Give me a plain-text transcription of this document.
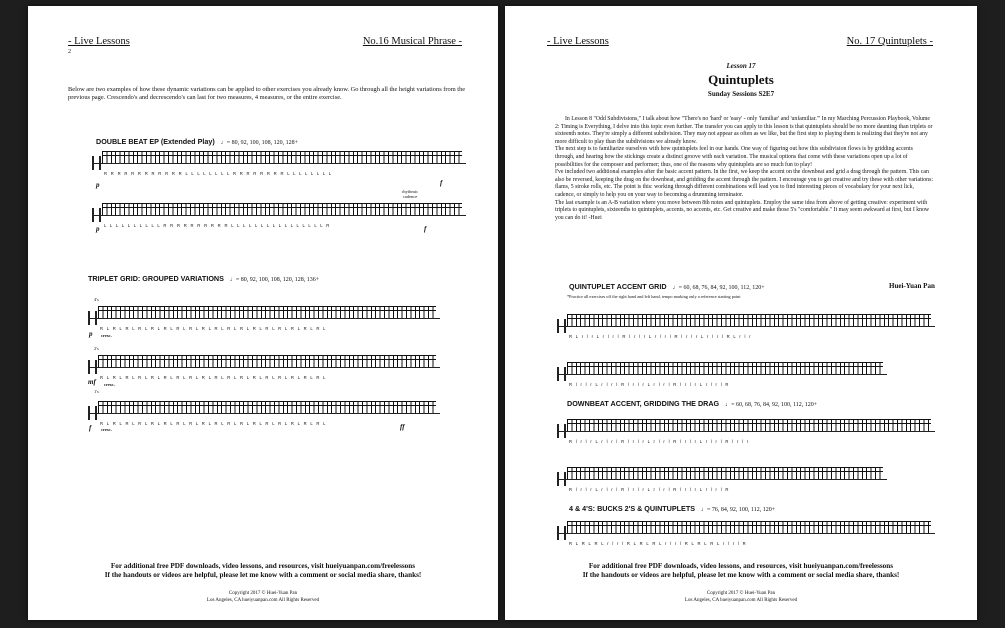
- Live Lessons	No.16 Musical Phrase -
2
Below are two examples of how these dynamic variations can be applied to other exercises you already know. Go through all the height variations from the previous page. Crescendo's and decrescendo's can last for two measures, 4 measures, or the entire exercise.
DOUBLE BEAT EP (Extended Play) ♩= 80, 92, 100, 108, 120, 128+
R R R R R R R R R R R R L L L L L L L L R R R R R R R R L L L L L L L L
p	f
rhythmic cadence
L L L L L L L L L L R R R R R R R R R R L L L L L L L L L L L L L L L L R
p	f
TRIPLET GRID: GROUPED VARIATIONS ♩= 80, 92, 100, 108, 120, 128, 136+
4's
R L R L R L R L R L R L R L R L R L R L R L R L R L R L R L R L R L R L
p cresc.
2's
R L R L R L R L R L R L R L R L R L R L R L R L R L R L R L R L R L R L
mf cresc.
1's
R L R L R L R L R L R L R L R L R L R L R L R L R L R L R L R L R L R L
f cresc.	ff
For additional free PDF downloads, video lessons, and resources, visit hueiyuanpan.com/freelessons
If the handouts or videos are helpful, please let me know with a comment or social media share, thanks!
Copyright 2017 © Huei-Yuan Pan
Los Angeles, CA hueiyuanpan.com All Rights Reserved
- Live Lessons	No. 17 Quintuplets -
Lesson 17
Quintuplets
Sunday Sessions S2E7
In Lesson 8 "Odd Subdivisions," I talk about how "There's no 'hard' or 'easy' - only 'familiar' and 'unfamiliar.'" In my Marching Percussion Playbook, Volume 2: Timing is Everything, I delve into this topic even further. The transfer you can apply to this lesson is that quintuplets should be no more daunting than triplets or sixteenth notes. They're simply a different subdivision. They may not appear as often as we like, but the first step to playing them is realizing that they're not any more difficult to play than the subdivisions we already know.
The next step is to familiarize ourselves with how quintuplets feel in our hands. One way of figuring out how this subdivision flows is by gridding accents through, and hearing how the stickings create a distinct groove with each variation. The musical options that come with these variations open up a lot of possibilities for the composer and performer; thus, one of the reasons why quintuplets are so much fun to play!
I've included two additional examples after the basic accent pattern. In the first, we keep the accent on the downbeat and grid a drag through the pattern. This can also be reversed, keeping the drag on the downbeat, and gridding the accent through the pattern. I encourage you to get creative and try these with other variations: flams, 5 stroke rolls, etc. The point is this: working through different combinations will lead you to find interesting pieces of vocabulary for your next lick, cadence, or simply to help you on your way to becoming a drumming terminator.
The last example is an A-B variation where you move between 8th notes and quintuplets. Employ the same idea from above of getting creative: experiment with triplets to quintuplets, sixteenths to quintuplets, accents, no accents, etc. Get creative and make those 5's "comfortable." It may seem awkward at first, but I know you can do it! -Huei
QUINTUPLET ACCENT GRID ♩= 60, 68, 76, 84, 92, 100, 112, 120+	Huei-Yuan Pan
*Practice all exercises off the right hand and left hand, tempo marking only a reference starting point
R L r l r L r l r l R l r l r L r l r l R l r l r L r l r l R L r l r
R l r l r L r l r l R l r l r L r l r l R l r l r L r l r l R
DOWNBEAT ACCENT, GRIDDING THE DRAG ♩= 60, 68, 76, 84, 92, 100, 112, 120+
R l r l r L r l r l R l r l r L r l r l R l r l r L r l r l R l r l r
R l r l r L r l r l R l r l r L r l r l R l r l r L r l r l R
4 & 4'S: BUCKS 2'S & QUINTUPLETS ♩= 76, 84, 92, 100, 112, 120+
R L R L R L r l r l R L R L R L r l r l R L R L R L r l r l R
For additional free PDF downloads, video lessons, and resources, visit hueiyuanpan.com/freelessons
If the handouts or videos are helpful, please let me know with a comment or social media share, thanks!
Copyright 2017 © Huei-Yuan Pan
Los Angeles, CA hueiyuanpan.com All Rights Reserved
